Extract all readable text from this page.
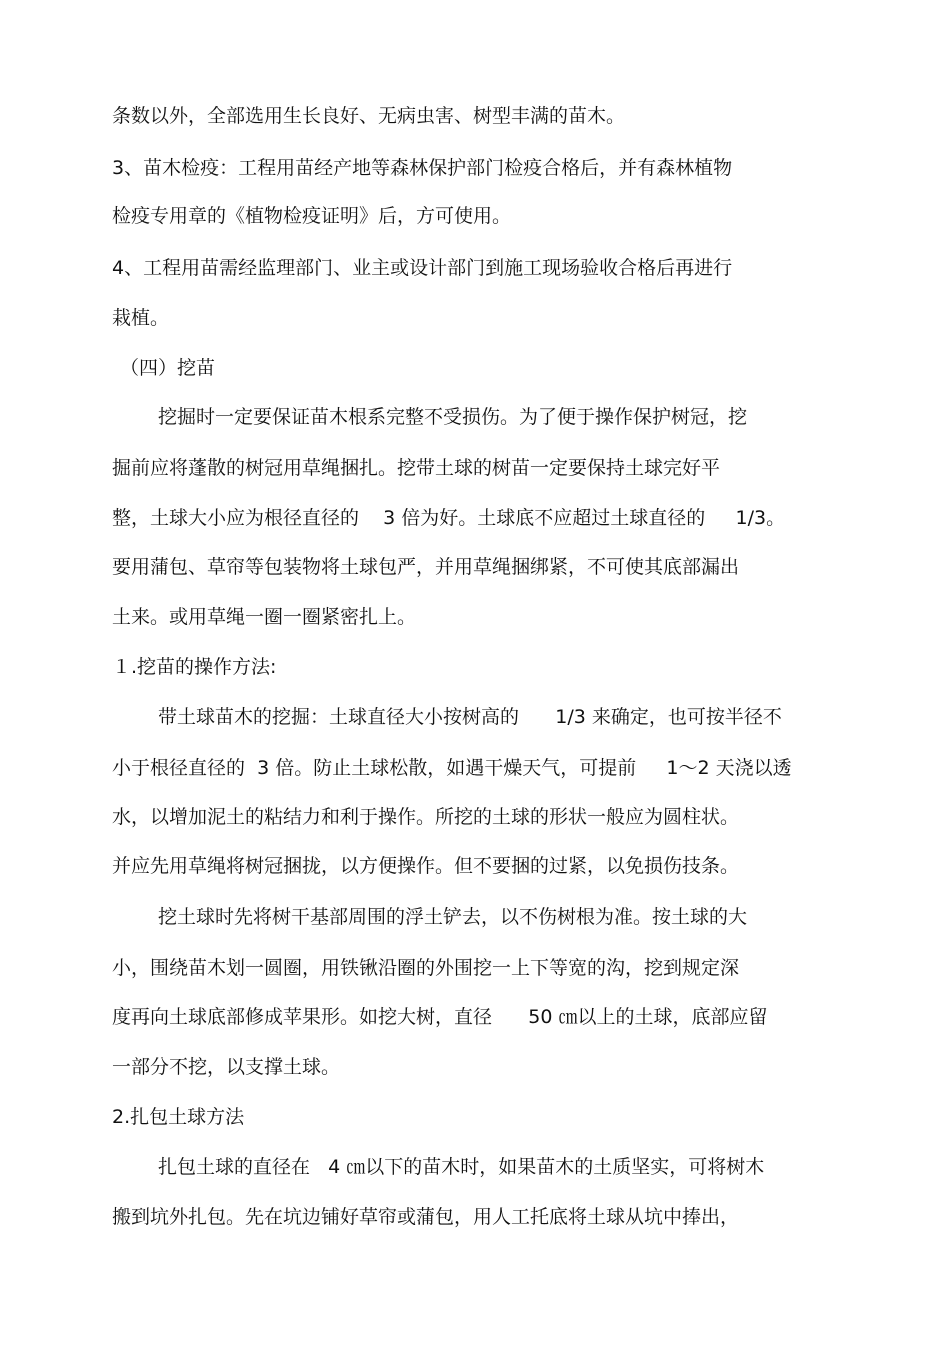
条数以外，全部选用生长良好、无病虫害、树型丰满的苗木。
3、苗木检疫：工程用苗经产地等森林保护部门检疫合格后，并有森林植物
检疫专用章的《植物检疫证明》后，方可使用。
4、工程用苗需经监理部门、业主或设计部门到施工现场验收合格后再进行
栽植。
（四）挖苗
挖掘时一定要保证苗木根系完整不受损伤。为了便于操作保护树冠，挖
掘前应将蓬散的树冠用草绳捆扎。挖带土球的树苗一定要保持土球完好平
整，土球大小应为根径直径的    3 倍为好。土球底不应超过土球直径的     1/3。
要用蒲包、草帘等包装物将土球包严，并用草绳捆绑紧，不可使其底部漏出
土来。或用草绳一圈一圈紧密扎上。
１.挖苗的操作方法:
带土球苗木的挖掘：土球直径大小按树高的      1/3 来确定，也可按半径不
小于根径直径的  3 倍。防止土球松散，如遇干燥天气，可提前     1～2 天浇以透
水，以增加泥土的粘结力和利于操作。所挖的土球的形状一般应为圆柱状。
并应先用草绳将树冠捆拢，以方便操作。但不要捆的过紧，以免损伤技条。
挖土球时先将树干基部周围的浮土铲去，以不伤树根为准。按土球的大
小，围绕苗木划一圆圈，用铁锹沿圈的外围挖一上下等宽的沟，挖到规定深
度再向土球底部修成苹果形。如挖大树，直径      50 ㎝以上的土球，底部应留
一部分不挖，以支撑土球。
2.扎包土球方法
扎包土球的直径在   4 ㎝以下的苗木时，如果苗木的土质坚实，可将树木
搬到坑外扎包。先在坑边铺好草帘或蒲包，用人工托底将土球从坑中捧出，
